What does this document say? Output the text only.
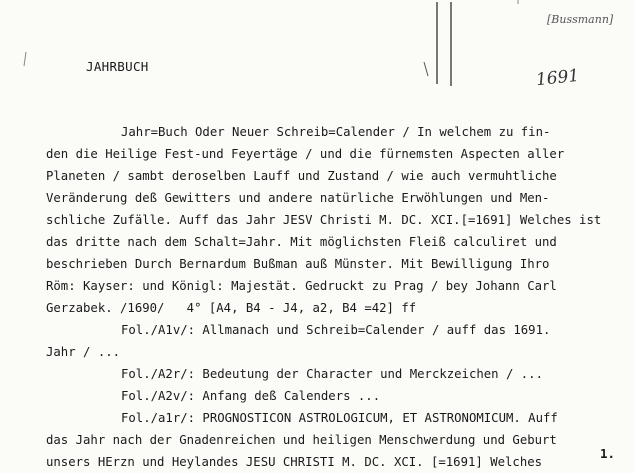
JAHRBUCH
[Bussmann]
1691
Jahr=Buch Oder Neuer Schreib=Calender / In welchem zu fin-
den die Heilige Fest-und Feyertäge / und die fürnemsten Aspecten aller
Planeten / sambt deroselben Lauff und Zustand / wie auch vermuhtliche
Veränderung deß Gewitters und andere natürliche Erwöhlungen und Men-
schliche Zufälle. Auff das Jahr JESV Christi M. DC. XCI.[=1691] Welches ist
das dritte nach dem Schalt=Jahr. Mit möglichsten Fleiß calculiret und
beschrieben Durch Bernardum Bußman auß Münster. Mit Bewilligung Ihro
Röm: Kayser: und Königl: Majestät. Gedruckt zu Prag / bey Johann Carl
Gerzabek. /1690/   4° [A4, B4 - J4, a2, B4 =42] ff
Fol./A1v/: Allmanach und Schreib=Calender / auff das 1691.
Jahr / ...
Fol./A2r/: Bedeutung der Character und Merckzeichen / ...
Fol./A2v/: Anfang deß Calenders ...
Fol./a1r/: PROGNOSTICON ASTROLOGICUM, ET ASTRONOMICUM. Auff
das Jahr nach der Gnadenreichen und heiligen Menschwerdung und Geburt
unsers HErzn und Heylandes JESU CHRISTI M. DC. XCI. [=1691] Welches
1.
